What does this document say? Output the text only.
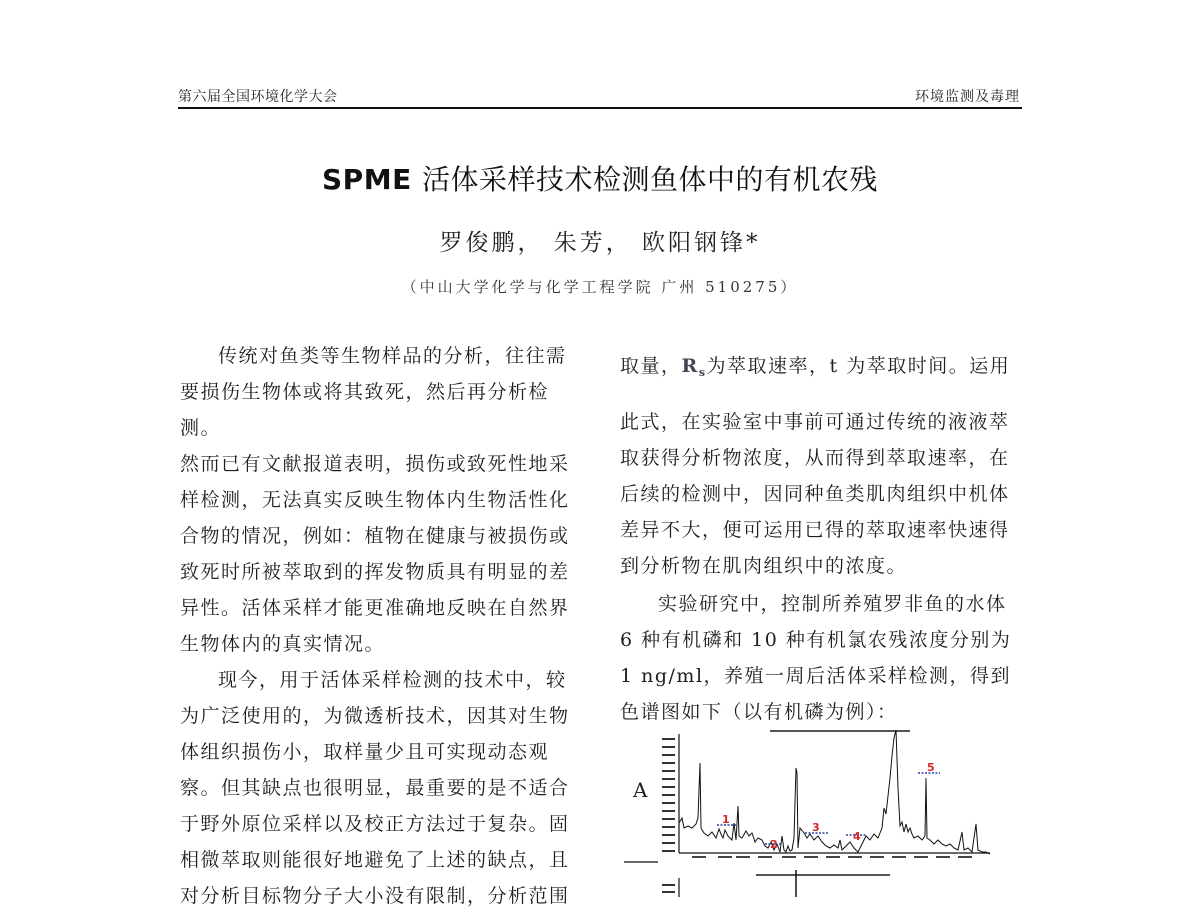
第六届全国环境化学大会	环境监测及毒理
SPME 活体采样技术检测鱼体中的有机农残
罗俊鹏， 朱芳， 欧阳钢锋*
（中山大学化学与化学工程学院 广州 510275）

传统对鱼类等生物样品的分析，往往需要损伤生物体或将其致死，然后再分析检测。

然而已有文献报道表明，损伤或致死性地采样检测，无法真实反映生物体内生物活性化合物的情况，例如：植物在健康与被损伤或致死时所被萃取到的挥发物质具有明显的差异性。活体采样才能更准确地反映在自然界生物体内的真实情况。

现今，用于活体采样检测的技术中，较为广泛使用的，为微透析技术，因其对生物体组织损伤小，取样量少且可实现动态观察。但其缺点也很明显，最重要的是不适合于野外原位采样以及校正方法过于复杂。固相微萃取则能很好地避免了上述的缺点，且对分析目标物分子大小没有限制，分析范围

取量，$R_s$为萃取速率，t 为萃取时间。运用

此式，在实验室中事前可通过传统的液液萃取获得分析物浓度，从而得到萃取速率，在后续的检测中，因同种鱼类肌肉组织中机体差异不大，便可运用已得的萃取速率快速得到分析物在肌肉组织中的浓度。

实验研究中，控制所养殖罗非鱼的水体 6 种有机磷和 10 种有机氯农残浓度分别为 1 ng/ml，养殖一周后活体采样检测，得到色谱图如下（以有机磷为例）：

A
1
2
3
4
5
